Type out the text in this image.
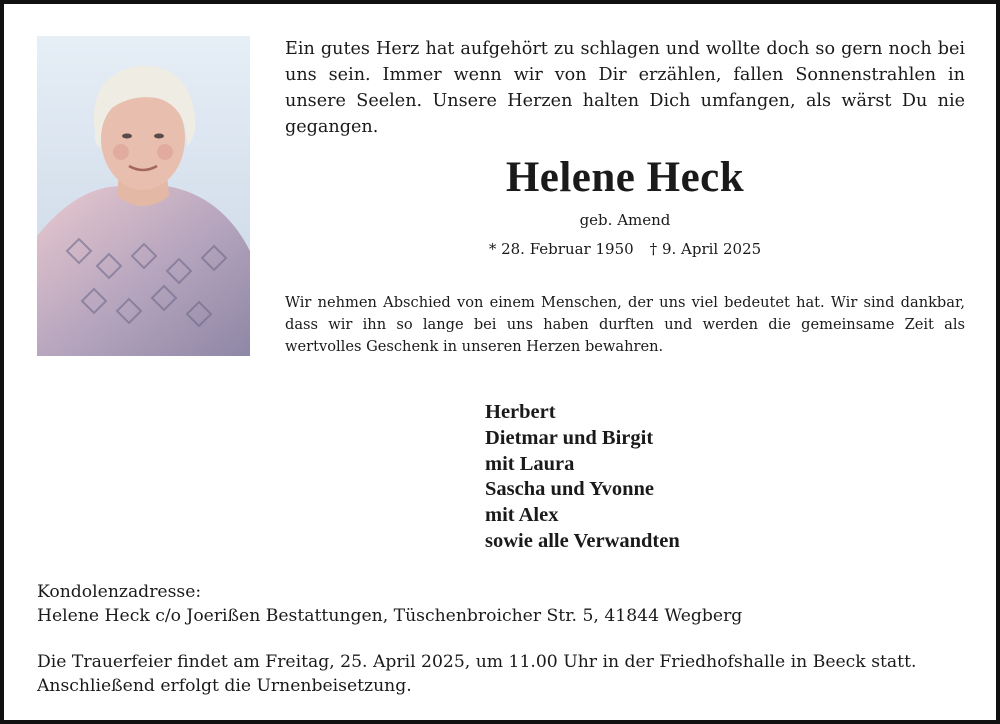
Ein gutes Herz hat aufgehört zu schlagen und wollte doch so gern noch bei uns sein. Immer wenn wir von Dir erzählen, fallen Sonnenstrahlen in unsere Seelen. Unsere Herzen halten Dich umfangen, als wärst Du nie gegangen.

Helene Heck

geb. Amend

* 28. Februar 1950 † 9. April 2025

Wir nehmen Abschied von einem Menschen, der uns viel bedeutet hat. Wir sind dankbar, dass wir ihn so lange bei uns haben durften und werden die gemeinsame Zeit als wertvolles Geschenk in unseren Herzen bewahren.

Herbert
Dietmar und Birgit
mit Laura
Sascha und Yvonne
mit Alex
sowie alle Verwandten

Kondolenzadresse:
Helene Heck c/o Joerißen Bestattungen, Tüschenbroicher Str. 5, 41844 Wegberg

Die Trauerfeier findet am Freitag, 25. April 2025, um 11.00 Uhr in der Friedhofshalle in Beeck statt.
Anschließend erfolgt die Urnenbeisetzung.
